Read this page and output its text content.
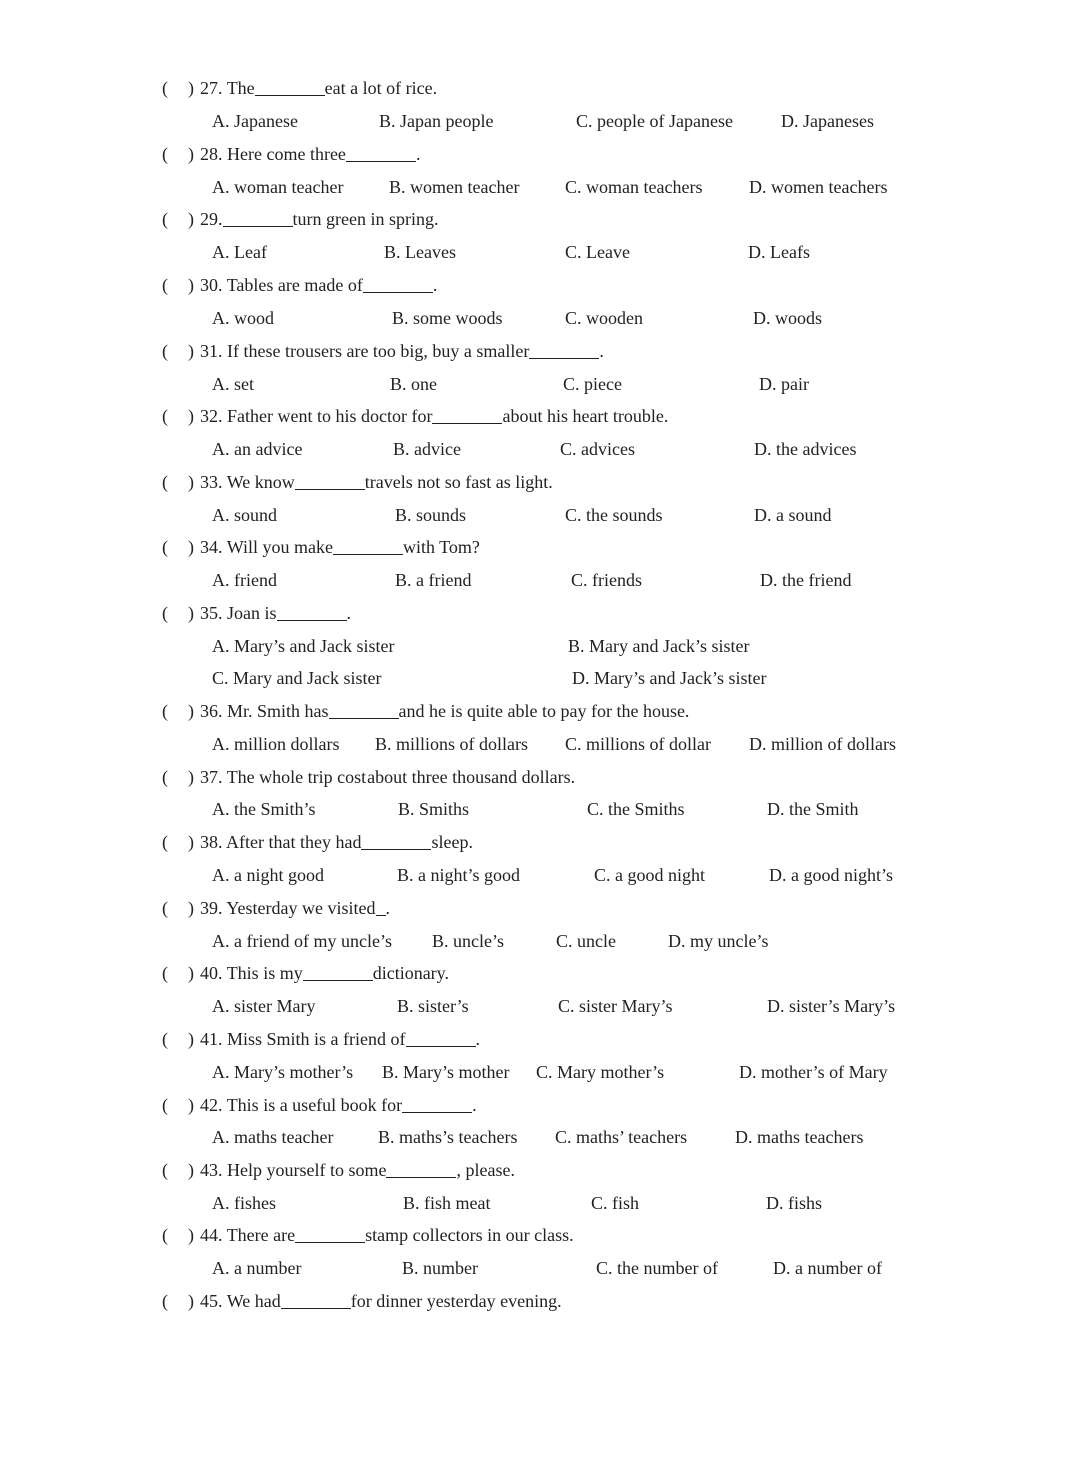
( ) 27. The	eat a lot of rice.
A. Japanese	B. Japan people	C. people of Japanese	D. Japaneses
( ) 28. Here come three	.
A. woman teacher	B. women teacher	C. woman teachers	D. women teachers
( ) 29.	turn green in spring.
A. Leaf	B. Leaves	C. Leave	D. Leafs
( ) 30. Tables are made of	.
A. wood	B. some woods	C. wooden	D. woods
( ) 31. If these trousers are too big, buy a smaller	.
A. set	B. one	C. piece	D. pair
( ) 32. Father went to his doctor for	about his heart trouble.
A. an advice	B. advice	C. advices	D. the advices
( ) 33. We know	travels not so fast as light.
A. sound	B. sounds	C. the sounds	D. a sound
( ) 34. Will you make	with Tom?
A. friend	B. a friend	C. friends	D. the friend
( ) 35. Joan is	.
A. Mary’s and Jack sister	B. Mary and Jack’s sister
C. Mary and Jack sister	D. Mary’s and Jack’s sister
( ) 36. Mr. Smith has	and he is quite able to pay for the house.
A. million dollars B. millions of dollars C. millions of dollar D. million of dollars
( ) 37. The whole trip costabout three thousand dollars.
A. the Smith’s	B. Smiths	C. the Smiths	D. the Smith
( ) 38. After that they had	sleep.
A. a night good	B. a night’s good	C. a good night	D. a good night’s
( ) 39. Yesterday we visited .
A. a friend of my uncle’s B. uncle’s	C. uncle	D. my uncle’s
( ) 40. This is my	dictionary.
A. sister Mary	B. sister’s	C. sister Mary’s	D. sister’s Mary’s
( ) 41. Miss Smith is a friend of	.
A. Mary’s mother’s B. Mary’s mother C. Mary mother’s	D. mother’s of Mary
( ) 42. This is a useful book for	.
A. maths teacher B. maths’s teachers C. maths’ teachers	D. maths teachers
( ) 43. Help yourself to some	, please.
A. fishes	B. fish meat	C. fish	D. fishs
( ) 44. There are	stamp collectors in our class.
A. a number	B. number	C. the number of	D. a number of
( ) 45. We had	for dinner yesterday evening.
